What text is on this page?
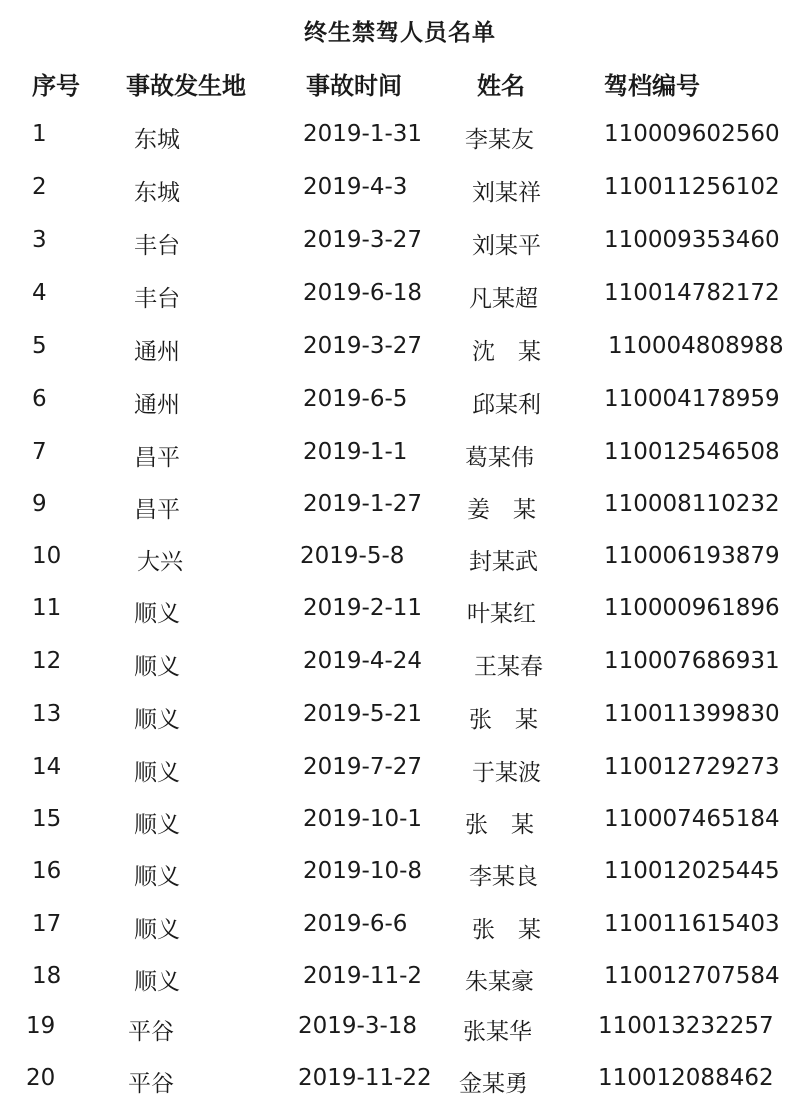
终生禁驾人员名单
序号 事故发生地	事故时间	姓名	驾档编号
1	东城	2019-1-31 李某友	110009602560
2	东城	2019-4-3	刘某祥	110011256102
3	丰台	2019-3-27 刘某平	110009353460
4	丰台	2019-6-18 凡某超	110014782172
5	通州	2019-3-27 沈　某	110004808988
6	通州	2019-6-5	邱某利	110004178959
7	昌平	2019-1-1	葛某伟	110012546508
9	昌平	2019-1-27 姜　某	110008110232
10	大兴	2019-5-8	封某武	110006193879
11	顺义	2019-2-11 叶某红	110000961896
12	顺义	2019-4-24 王某春	110007686931
13	顺义	2019-5-21 张　某	110011399830
14	顺义	2019-7-27 于某波	110012729273
15	顺义	2019-10-1 张　某	110007465184
16	顺义	2019-10-8 李某良	110012025445
17	顺义	2019-6-6	张　某	110011615403
18	顺义	2019-11-2 朱某豪	110012707584
19	平谷	2019-3-18 张某华	110013232257
20	平谷	2019-11-22 金某勇	110012088462
